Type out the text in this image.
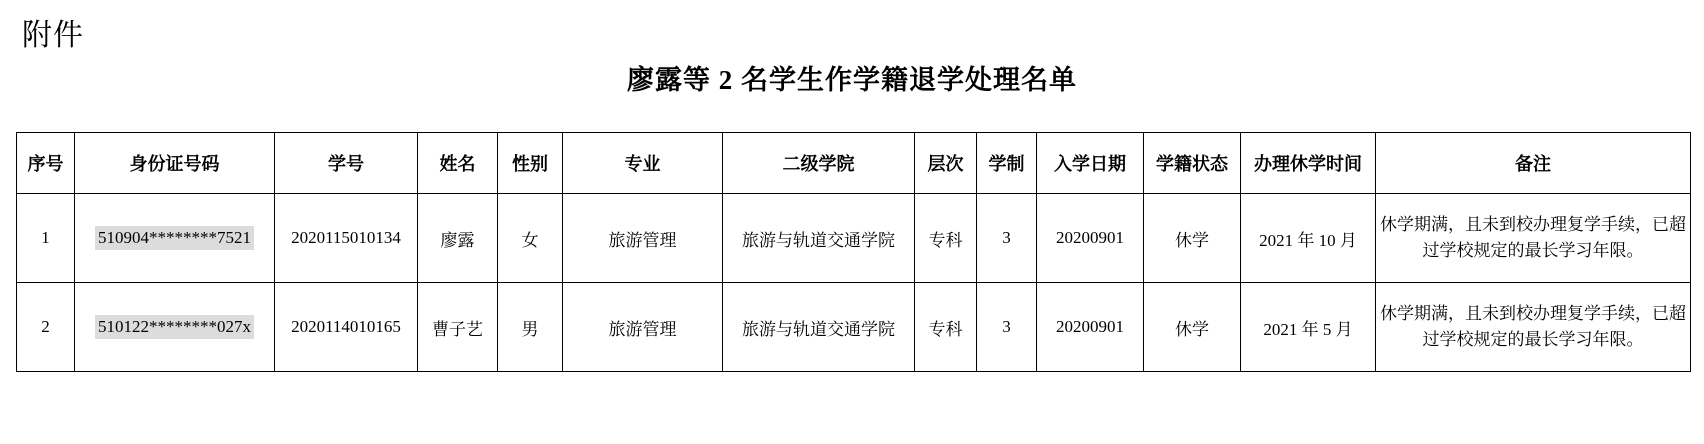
附件
廖露等 2 名学生作学籍退学处理名单
序号	身份证号码	学号	姓名	性别	专业	二级学院	层次	学制	入学日期	学籍状态	办理休学时间	备注
1	510904********7521	2020115010134	廖露	女	旅游管理	旅游与轨道交通学院	专科	3	20200901	休学	2021 年 10 月	休学期满，且未到校办理复学手续，已超过学校规定的最长学习年限。
2	510122********027x	2020114010165	曹子艺	男	旅游管理	旅游与轨道交通学院	专科	3	20200901	休学	2021 年 5 月	休学期满，且未到校办理复学手续，已超过学校规定的最长学习年限。
